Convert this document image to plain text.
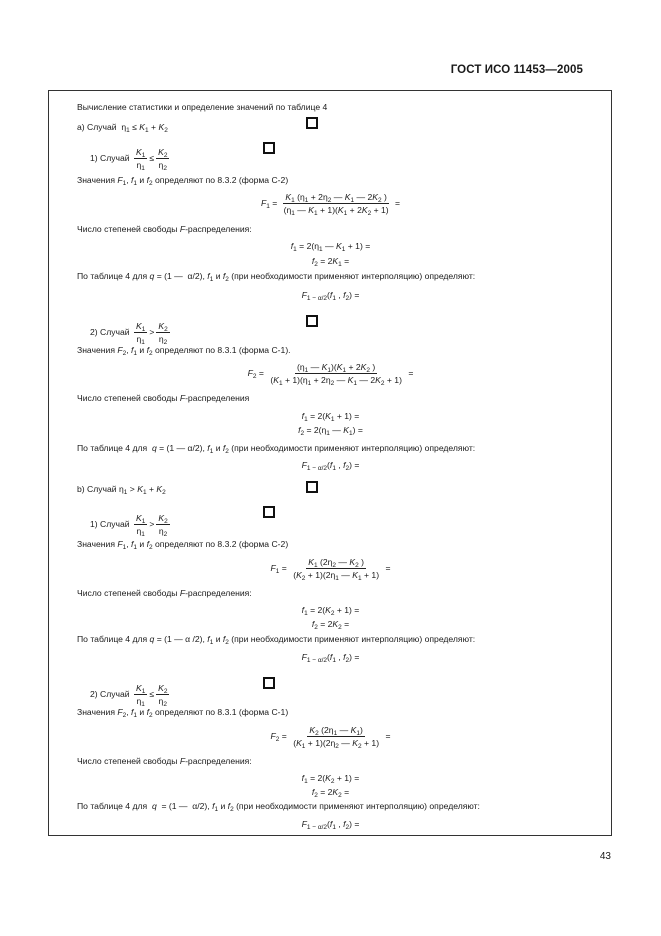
ГОСТ ИСО 11453—2005
Вычисление статистики и определение значений по таблице 4
а) Случай  $\eta_1 \le K_1 + K_2$
1) Случай $\frac{K_1}{\eta_1} \le \frac{K_2}{\eta_2}$
Значения $F_1$, $f_1$ и $f_2$ определяют по 8.3.2 (форма С-2)
$F_1 = \frac{K_1 (\eta_1 + 2\eta_2 — K_1 — 2K_2 )}{(\eta_1 — K_1 + 1)(K_1 + 2K_2 + 1)}$ =
Число степеней свободы F-распределения:
$f_1 = 2(\eta_1$ — $K_1 + 1$) =
$f_2 = 2K_1$ =
По таблице 4 для q = (1 —  α/2), $f_1$ и $f_2$ (при необходимости применяют интерполяцию) определяют:
$F_{1 - \alpha/2}(f_1$ , $f_2$) =
2) Случай $\frac{K_1}{\eta_1} > \frac{K_2}{\eta_2}$
Значения $F_2$, $f_1$ и $f_2$ определяют по 8.3.1 (форма С-1).
$F_2 = \frac{(\eta_1 — K_1)(K_1 + 2K_2 )}{(K_1 + 1)(\eta_1 + 2\eta_2 — K_1 — 2K_2 + 1)}$ =
Число степеней свободы F-распределения
$f_1 = 2(K_1 + 1)$ =
$f_2 = 2(\eta_1$ — $K_1$) =
По таблице 4 для  q = (1 — α/2), $f_1$ и $f_2$ (при необходимости применяют интерполяцию) определяют:
$F_{1 - \alpha/2}(f_1$ , $f_2$) =
b) Случай $\eta_1 > K_1 + K_2$
1) Случай $\frac{K_1}{\eta_1} > \frac{K_2}{\eta_2}$
Значения $F_1$, $f_1$ и $f_2$ определяют по 8.3.2 (форма С-2)
$F_1 = \frac{K_1 (2\eta_2 — K_2 )}{(K_2 + 1)(2\eta_1 — K_1 + 1)}$ =
Число степеней свободы F-распределения:
$f_1 = 2(K_2 + 1)$ =
$f_2 = 2K_2$ =
По таблице 4 для q = (1 — α /2), $f_1$ и $f_2$ (при необходимости применяют интерполяцию) определяют:
$F_{1 - \alpha/2}(f_1$ , $f_2$) =
2) Случай $\frac{K_1}{\eta_1} \le \frac{K_2}{\eta_2}$
Значения $F_2$, $f_1$ и $f_2$ определяют по 8.3.1 (форма С-1)
$F_2 = \frac{K_2 (2\eta_1 — K_1)}{(K_1 + 1)(2\eta_2 — K_2 + 1)}$ =
Число степеней свободы F-распределения:
$f_1 = 2(K_2 + 1)$ =
$f_2 = 2K_2$ =
По таблице 4 для  q  = (1 —  α/2), $f_1$ и $f_2$ (при необходимости применяют интерполяцию) определяют:
$F_{1 - \alpha/2}(f_1$ , $f_2$) =
43
